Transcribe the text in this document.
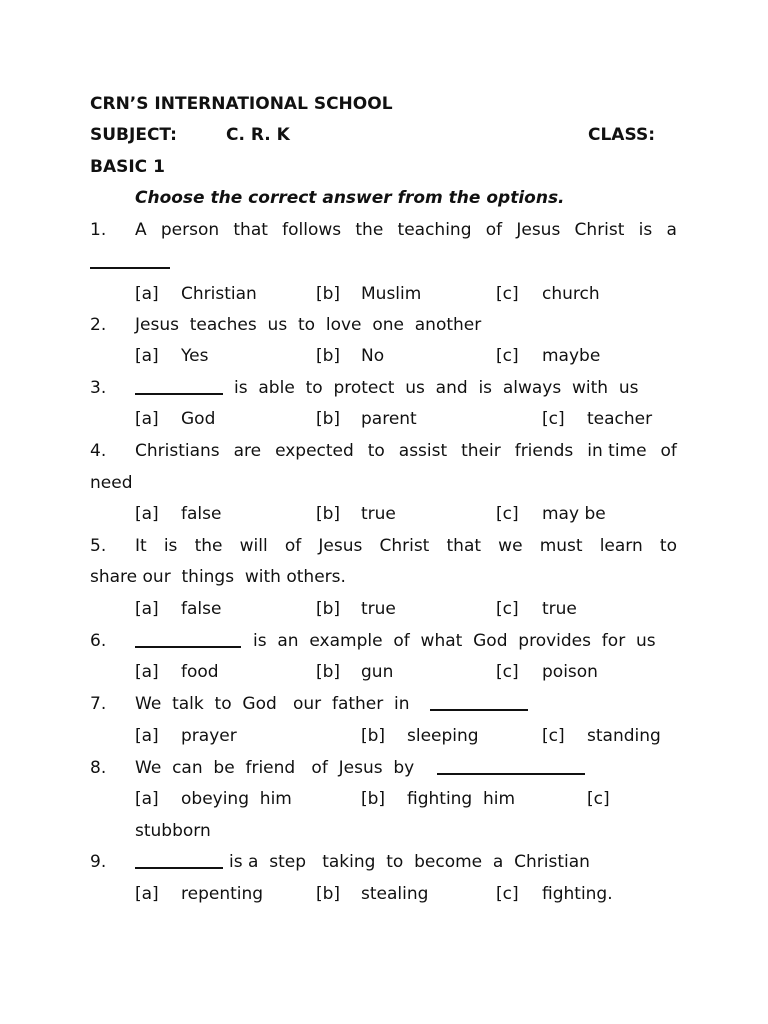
CRN’S INTERNATIONAL SCHOOL
SUBJECT:	C. R. K	CLASS:
BASIC 1
Choose the correct answer from the options.
1. A person that follows the teaching of Jesus Christ is a
[a] Christian	[b] Muslim	[c] church
2. Jesus  teaches  us  to  love  one  another
[a] Yes	[b] No	[c] maybe
3.	is  able  to  protect  us  and  is  always  with  us
[a] God	[b] parent	[c] teacher
4. Christians are expected to assist their friends in time of
need
[a] false	[b] true	[c] may be
5. It is the will of Jesus Christ that we must learn to
share our  things  with others.
[a] false	[b] true	[c] true
6.	is  an  example  of  what  God  provides  for  us
[a] food	[b] gun	[c] poison
7. We  talk  to  God   our  father  in
[a] prayer	[b] sleeping	[c] standing
8. We  can  be  friend   of  Jesus  by
[a] obeying  him	[b] fighting  him	[c]
stubborn
9.	is a  step   taking  to  become  a  Christian
[a] repenting	[b] stealing	[c] fighting.
